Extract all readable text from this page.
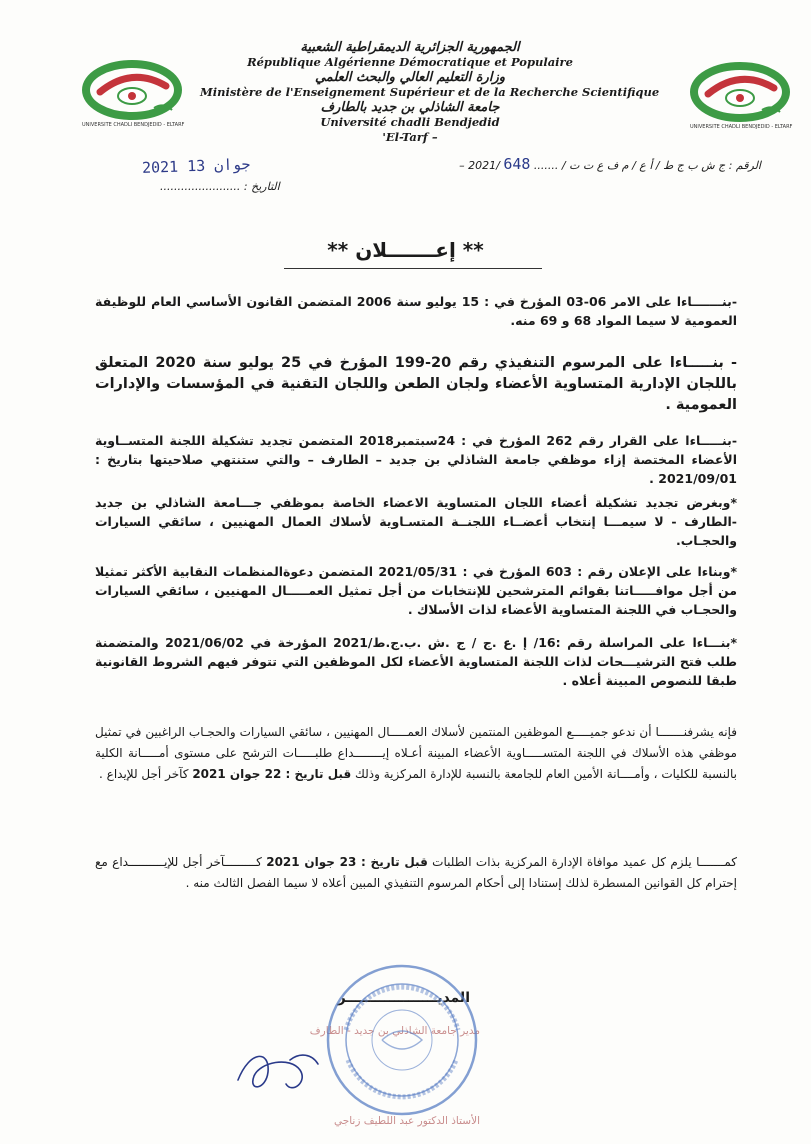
UNIVERSITE CHADLI BENDJEDID - ELTARF	UNIVERSITE CHADLI BENDJEDID - ELTARF
الجمهورية الجزائرية الديمقراطية الشعبية
République Algérienne Démocratique et Populaire
وزارة التعليم العالي والبحث العلمي
Ministère de l'Enseignement Supérieur et de la Recherche Scientifique
جامعة الشاذلي بن جديد بالطارف
Université chadli Bendjedid
'El-Tarf –
الرقم : ج ش ب ج ط / أ ع / م ف ع ت ت / ....... 648 /2021 –
2021 جوان 13
التاريخ : .......................
** إعـــــــلان **
-بنـــــــاءا على الامر 06-03 المؤرخ في : 15 يوليو سنة 2006 المتضمن القانون الأساسي العام للوظيفة العمومية لا سيما المواد 68 و 69 منه.
- بنـــــاءا على المرسوم التنفيذي رقم 20-199 المؤرخ في 25 يوليو سنة 2020 المتعلق باللجان الإدارية المتساوية الأعضاء ولجان الطعن واللجان التقنية في المؤسسات والإدارات العمومية .
-بنـــــاءا على القرار رقم 262 المؤرخ في : 24سبتمبر2018 المتضمن تجديد تشكيلة اللجنة المتســاوية الأعضاء المختصة إزاء موظفي جامعة الشاذلي بن جديد – الطارف – والتي ستنتهي صلاحيتها بتاريخ : 2021/09/01 .
*وبغرض تجديد تشكيلة أعضاء اللجان المتساوية الاعضاء الخاصة بموظفي جـــامعة الشاذلي بن جديد -الطارف - لا سيمـــا إنتخاب أعضــاء اللجنــة المتسـاوية لأسلاك العمال المهنيين ، سائقي السيارات والحجـاب.
*وبناءا على الإعلان رقم : 603 المؤرخ في : 2021/05/31 المتضمن دعوةالمنظمات النقابية الأكثر تمثيلا من أجل موافـــــاتنا بقوائم المترشحين للإنتخابات من أجل تمثيل العمـــــال المهنيين ، سائقي السيارات والحجـاب في اللجنة المتساوية الأعضاء لذات الأسلاك .
*بنـــاءا على المراسلة رقم :16/ إ .ع .ج / ج .ش .ب.ج.ط/2021 المؤرخة في 2021/06/02 والمتضمنة طلب فتح الترشيـــحات لذات اللجنة المتساوية الأعضاء لكل الموظفين التي تتوفر فيهم الشروط القانونية طبقا للنصوص المبينة أعلاه .
فإنه يشرفنـــــــا أن ندعو جميـــــع الموظفين المنتمين لأسلاك العمـــــال المهنيين ، سائقي السيارات والحجـاب الراغبين في تمثيل موظفي هذه الأسلاك في اللجنة المتســـــاوية الأعضاء المبينة أعـلاه إيــــــــداع طلبـــــات الترشح على مستوى أمـــــانة الكلية بالنسبة للكليات ، وأمــــانة الأمين العام للجامعة بالنسبة للإدارة المركزية وذلك قبل تاريخ : 22 جوان 2021 كآخر أجل للإيداع .
كمـــــــا يلزم كل عميد موافاة الإدارة المركزية بذات الطلبات قبل تاريخ : 23 جوان 2021 كـــــــــآخر أجل للإيــــــــــداع مع إحترام كل القوانين المسطرة لذلك إستنادا إلى أحكام المرسوم التنفيذي المبين أعلاه لا سيما الفصل الثالث منه .
المديـــــــــــــــــــر
مدير جامعة الشاذلي بن جديد - الطارف
الأستاذ الدكتور عبد اللطيف زناجي
